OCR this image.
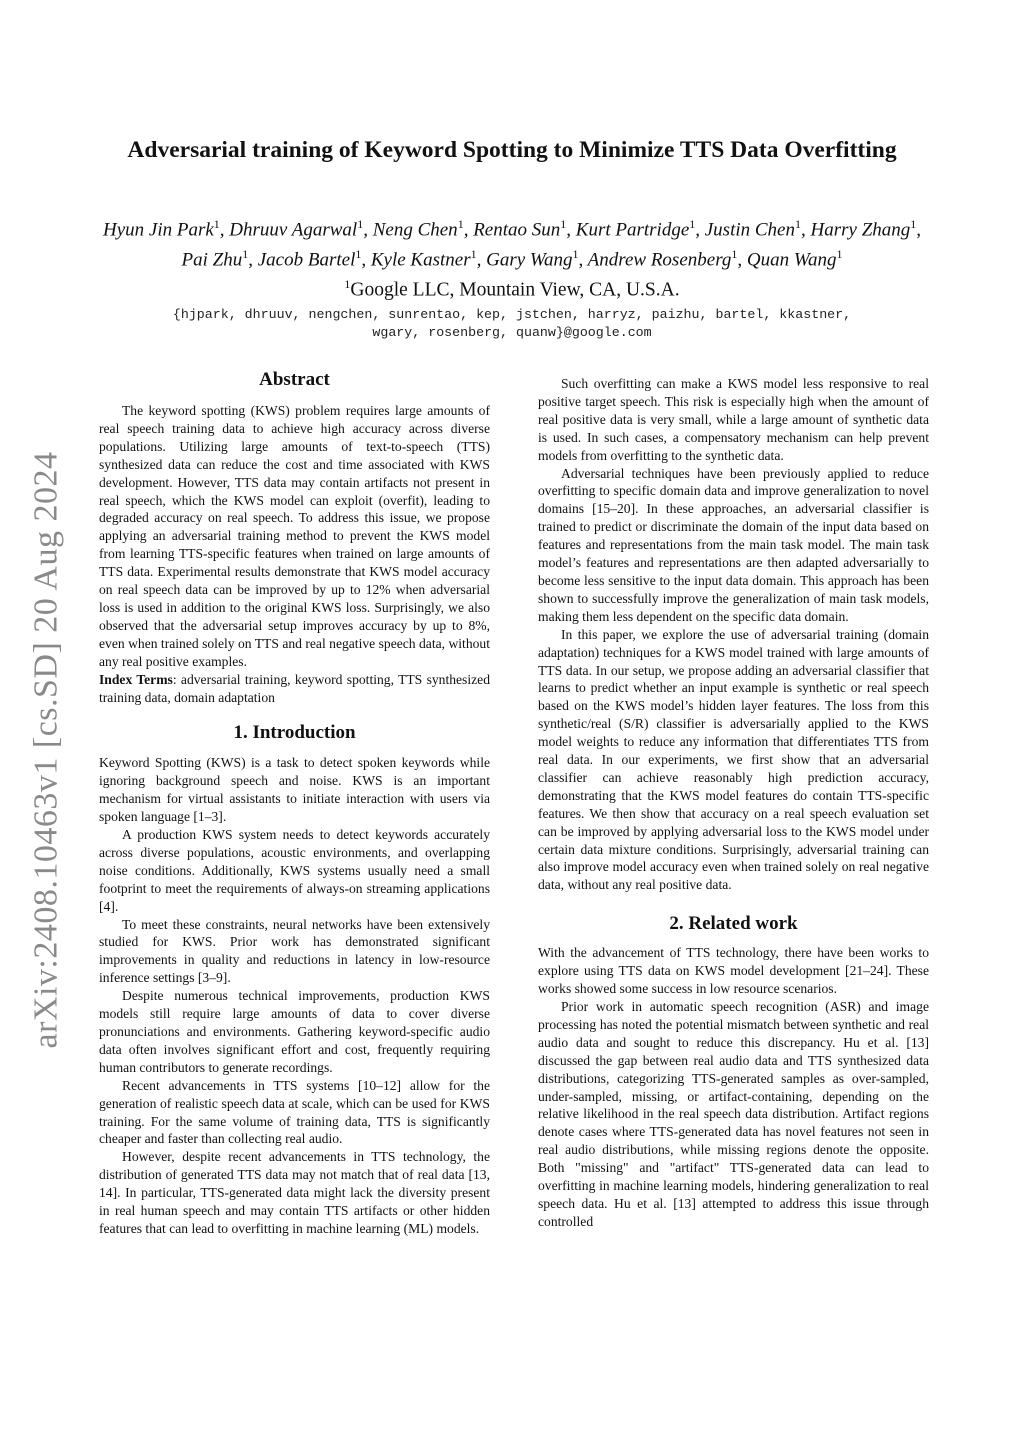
arXiv:2408.10463v1 [cs.SD] 20 Aug 2024
Adversarial training of Keyword Spotting to Minimize TTS Data Overfitting
Hyun Jin Park$^1$, Dhruuv Agarwal$^1$, Neng Chen$^1$, Rentao Sun$^1$, Kurt Partridge$^1$, Justin Chen$^1$, Harry Zhang$^1$, Pai Zhu$^1$, Jacob Bartel$^1$, Kyle Kastner$^1$, Gary Wang$^1$, Andrew Rosenberg$^1$, Quan Wang$^1$
$^1$Google LLC, Mountain View, CA, U.S.A.
{hjpark, dhruuv, nengchen, sunrentao, kep, jstchen, harryz, paizhu, bartel, kkastner,
wgary, rosenberg, quanw}@google.com
Abstract

The keyword spotting (KWS) problem requires large amounts of real speech training data to achieve high accuracy across diverse populations. Utilizing large amounts of text-to-speech (TTS) synthesized data can reduce the cost and time associated with KWS development. However, TTS data may contain artifacts not present in real speech, which the KWS model can exploit (overfit), leading to degraded accuracy on real speech. To address this issue, we propose applying an adversarial training method to prevent the KWS model from learning TTS-specific features when trained on large amounts of TTS data. Experimental results demonstrate that KWS model accuracy on real speech data can be improved by up to 12% when adversarial loss is used in addition to the original KWS loss. Surprisingly, we also observed that the adversarial setup improves accuracy by up to 8%, even when trained solely on TTS and real negative speech data, without any real positive examples.

Index Terms: adversarial training, keyword spotting, TTS synthesized training data, domain adaptation

1. Introduction

Keyword Spotting (KWS) is a task to detect spoken keywords while ignoring background speech and noise. KWS is an important mechanism for virtual assistants to initiate interaction with users via spoken language [1–3].

A production KWS system needs to detect keywords accurately across diverse populations, acoustic environments, and overlapping noise conditions. Additionally, KWS systems usually need a small footprint to meet the requirements of always-on streaming applications [4].

To meet these constraints, neural networks have been extensively studied for KWS. Prior work has demonstrated significant improvements in quality and reductions in latency in low-resource inference settings [3–9].

Despite numerous technical improvements, production KWS models still require large amounts of data to cover diverse pronunciations and environments. Gathering keyword-specific audio data often involves significant effort and cost, frequently requiring human contributors to generate recordings.

Recent advancements in TTS systems [10–12] allow for the generation of realistic speech data at scale, which can be used for KWS training. For the same volume of training data, TTS is significantly cheaper and faster than collecting real audio.

However, despite recent advancements in TTS technology, the distribution of generated TTS data may not match that of real data [13, 14]. In particular, TTS-generated data might lack the diversity present in real human speech and may contain TTS artifacts or other hidden features that can lead to overfitting in machine learning (ML) models.

Such overfitting can make a KWS model less responsive to real positive target speech. This risk is especially high when the amount of real positive data is very small, while a large amount of synthetic data is used. In such cases, a compensatory mechanism can help prevent models from overfitting to the synthetic data.

Adversarial techniques have been previously applied to reduce overfitting to specific domain data and improve generalization to novel domains [15–20]. In these approaches, an adversarial classifier is trained to predict or discriminate the domain of the input data based on features and representations from the main task model. The main task model’s features and representations are then adapted adversarially to become less sensitive to the input data domain. This approach has been shown to successfully improve the generalization of main task models, making them less dependent on the specific data domain.

In this paper, we explore the use of adversarial training (domain adaptation) techniques for a KWS model trained with large amounts of TTS data. In our setup, we propose adding an adversarial classifier that learns to predict whether an input example is synthetic or real speech based on the KWS model’s hidden layer features. The loss from this synthetic/real (S/R) classifier is adversarially applied to the KWS model weights to reduce any information that differentiates TTS from real data. In our experiments, we first show that an adversarial classifier can achieve reasonably high prediction accuracy, demonstrating that the KWS model features do contain TTS-specific features. We then show that accuracy on a real speech evaluation set can be improved by applying adversarial loss to the KWS model under certain data mixture conditions. Surprisingly, adversarial training can also improve model accuracy even when trained solely on real negative data, without any real positive data.

2. Related work

With the advancement of TTS technology, there have been works to explore using TTS data on KWS model development [21–24]. These works showed some success in low resource scenarios.

Prior work in automatic speech recognition (ASR) and image processing has noted the potential mismatch between synthetic and real audio data and sought to reduce this discrepancy. Hu et al. [13] discussed the gap between real audio data and TTS synthesized data distributions, categorizing TTS-generated samples as over-sampled, under-sampled, missing, or artifact-containing, depending on the relative likelihood in the real speech data distribution. Artifact regions denote cases where TTS-generated data has novel features not seen in real audio distributions, while missing regions denote the opposite. Both "missing" and "artifact" TTS-generated data can lead to overfitting in machine learning models, hindering generalization to real speech data. Hu et al. [13] attempted to address this issue through controlled
